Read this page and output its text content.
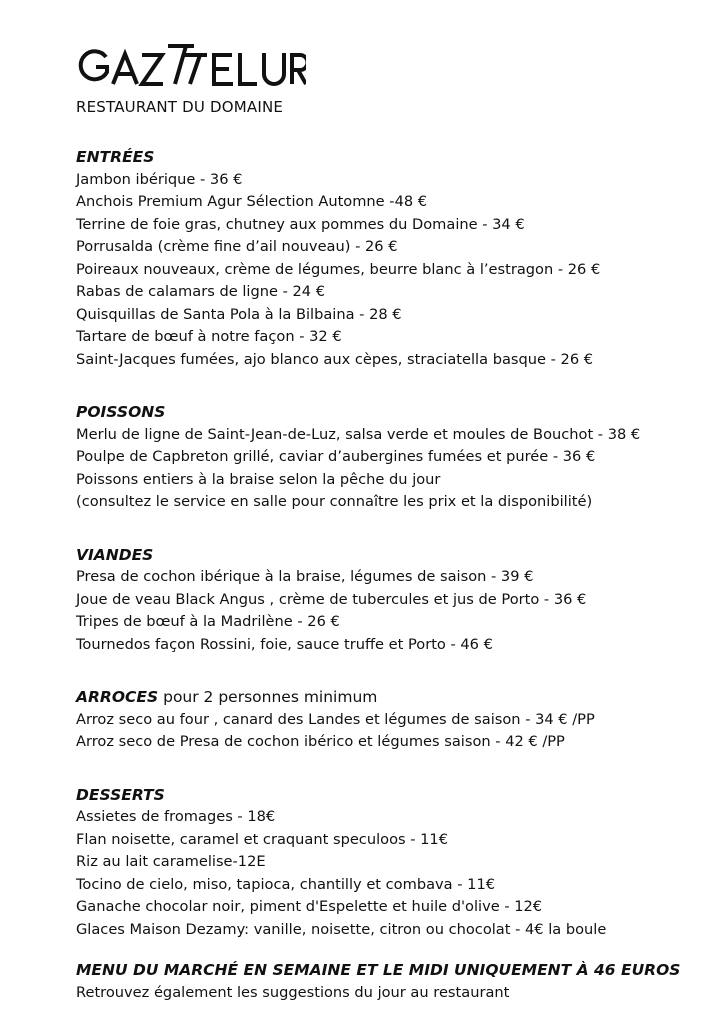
RESTAURANT DU DOMAINE
ENTRÉES
Jambon ibérique - 36 €
Anchois Premium Agur Sélection Automne -48 €
Terrine de foie gras, chutney aux pommes du Domaine - 34 €
Porrusalda (crème fine d’ail nouveau) - 26 €
Poireaux nouveaux, crème de légumes, beurre blanc à l’estragon - 26 €
Rabas de calamars de ligne - 24 €
Quisquillas de Santa Pola à la Bilbaina - 28 €
Tartare de bœuf à notre façon - 32 €
Saint-Jacques fumées, ajo blanco aux cèpes, straciatella basque - 26 €
POISSONS
Merlu de ligne de Saint-Jean-de-Luz, salsa verde et moules de Bouchot - 38 €
Poulpe de Capbreton grillé, caviar d’aubergines fumées et purée - 36 €
Poissons entiers à la braise selon la pêche du jour
(consultez le service en salle pour connaître les prix et la disponibilité)
VIANDES
Presa de cochon ibérique à la braise, légumes de saison - 39 €
Joue de veau Black Angus , crème de tubercules et jus de Porto - 36 €
Tripes de bœuf à la Madrilène - 26 €
Tournedos façon Rossini, foie, sauce truffe et Porto - 46 €
ARROCES pour 2 personnes minimum
Arroz seco au four , canard des Landes et légumes de saison - 34 € /PP
Arroz seco de Presa de cochon ibérico et légumes saison - 42 € /PP
DESSERTS
Assietes de fromages - 18€
Flan noisette, caramel et craquant speculoos - 11€
Riz au lait caramelise-12E
Tocino de cielo, miso, tapioca, chantilly et combava - 11€
Ganache chocolar noir, piment d'Espelette et huile d'olive - 12€
Glaces Maison Dezamy: vanille, noisette, citron ou chocolat - 4€ la boule
MENU DU MARCHÉ EN SEMAINE ET LE MIDI UNIQUEMENT À 46 EUROS
Retrouvez également les suggestions du jour au restaurant
